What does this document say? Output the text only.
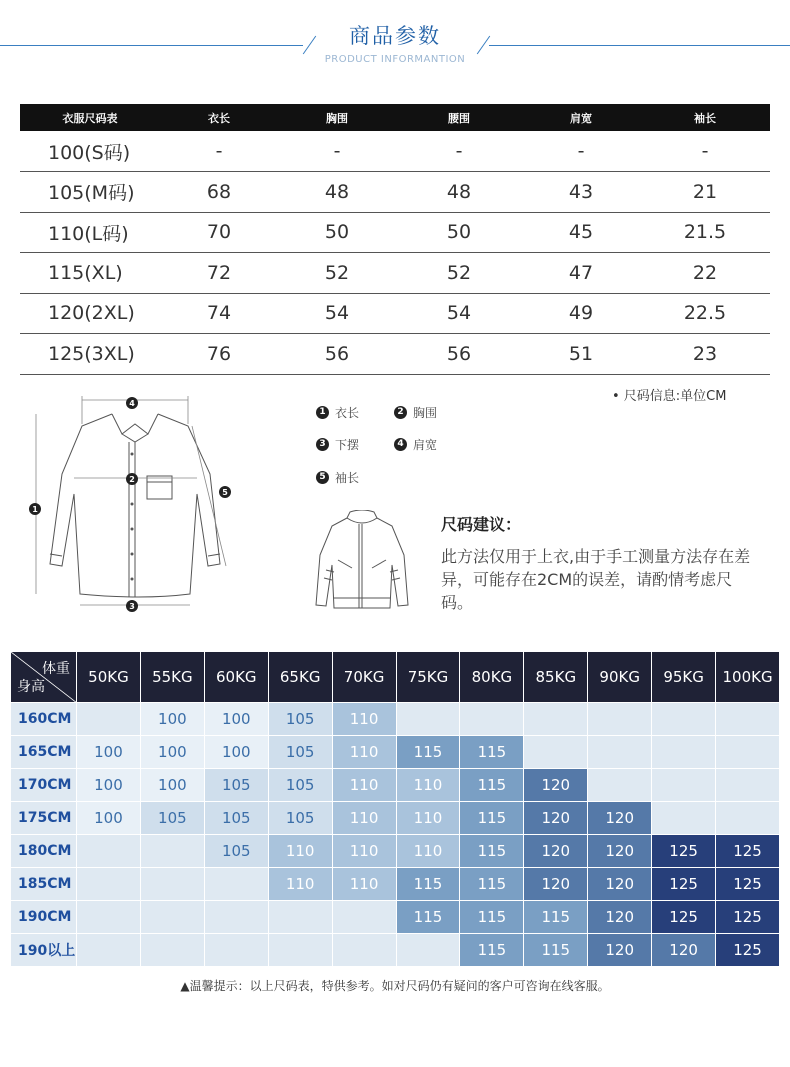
商品参数
PRODUCT INFORMANTION
衣服尺码表	衣长	胸围	腰围	肩宽	袖长
100(S码)	-	-	-	-	-
105(M码)	68	48	48	43	21
110(L码)	70	50	50	45	21.5
115(XL)	72	52	52	47	22
120(2XL)	74	54	54	49	22.5
125(3XL)	76	56	56	51	23
• 尺码信息:单位CM
4
2
3
1
5
1 衣长	2 胸围
3 下摆	4 肩宽
5 袖长
尺码建议：
此方法仅用于上衣,由于手工测量方法存在差异，可能存在2CM的误差，请酌情考虑尺码。
体重
身高	50KG	55KG	60KG	65KG	70KG	75KG	80KG	85KG	90KG	95KG	100KG
160CM		100	100	105	110						
165CM	100	100	100	105	110	115	115				
170CM	100	100	105	105	110	110	115	120			
175CM	100	105	105	105	110	110	115	120	120		
180CM			105	110	110	110	115	120	120	125	125
185CM				110	110	115	115	120	120	125	125
190CM						115	115	115	120	125	125
190以上							115	115	120	120	125
▲温馨提示：以上尺码表，特供参考。如对尺码仍有疑问的客户可咨询在线客服。
